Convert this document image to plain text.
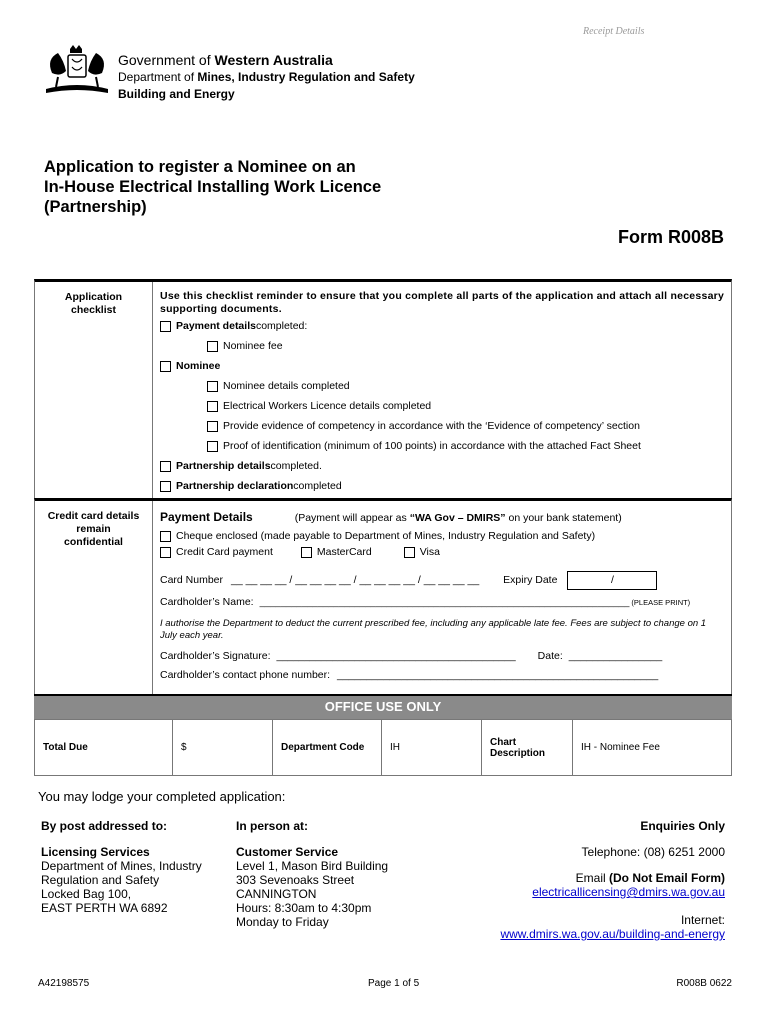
Receipt Details
Government of Western Australia
Department of Mines, Industry Regulation and Safety
Building and Energy
Application to register a Nominee on an
In-House Electrical Installing Work Licence
(Partnership)
Form R008B
Application
checklist
Use this checklist reminder to ensure that you complete all parts of the application and attach all necessary supporting documents.
Payment details completed:
Nominee fee
Nominee
Nominee details completed
Electrical Workers Licence details completed
Provide evidence of competency in accordance with the ‘Evidence of competency’ section
Proof of identification (minimum of 100 points) in accordance with the attached Fact Sheet
Partnership details completed.
Partnership declaration completed
Credit card details
remain
confidential
Payment Details	(Payment will appear as “WA Gov – DMIRS” on your bank statement)
Cheque enclosed (made payable to Department of Mines, Industry Regulation and Safety)
Credit Card payment	MasterCard	Visa
Card Number __ __ __ __ / __ __ __ __ / __ __ __ __ / __ __ __ __ Expiry Date	/
Cardholder’s Name: ______________________________________________________________________ (PLEASE PRINT)
I authorise the Department to deduct the current prescribed fee, including any applicable late fee. Fees are subject to change on 1 July each year.
Cardholder’s Signature: ___________________________________________ Date: ________________
Cardholder’s contact phone number: _______________________________________________________
OFFICE USE ONLY
Total Due	$	Department Code	IH	Chart
Description	IH - Nominee Fee
You may lodge your completed application:
By post addressed to:
Licensing Services
Department of Mines, Industry
Regulation and Safety
Locked Bag 100,
EAST PERTH WA 6892
In person at:
Customer Service
Level 1, Mason Bird Building
303 Sevenoaks Street
CANNINGTON
Hours: 8:30am to 4:30pm
Monday to Friday
Enquiries Only
Telephone: (08) 6251 2000
Email (Do Not Email Form)
electricallicensing@dmirs.wa.gov.au
Internet:
www.dmirs.wa.gov.au/building-and-energy
A42198575	Page 1 of 5	R008B 0622
